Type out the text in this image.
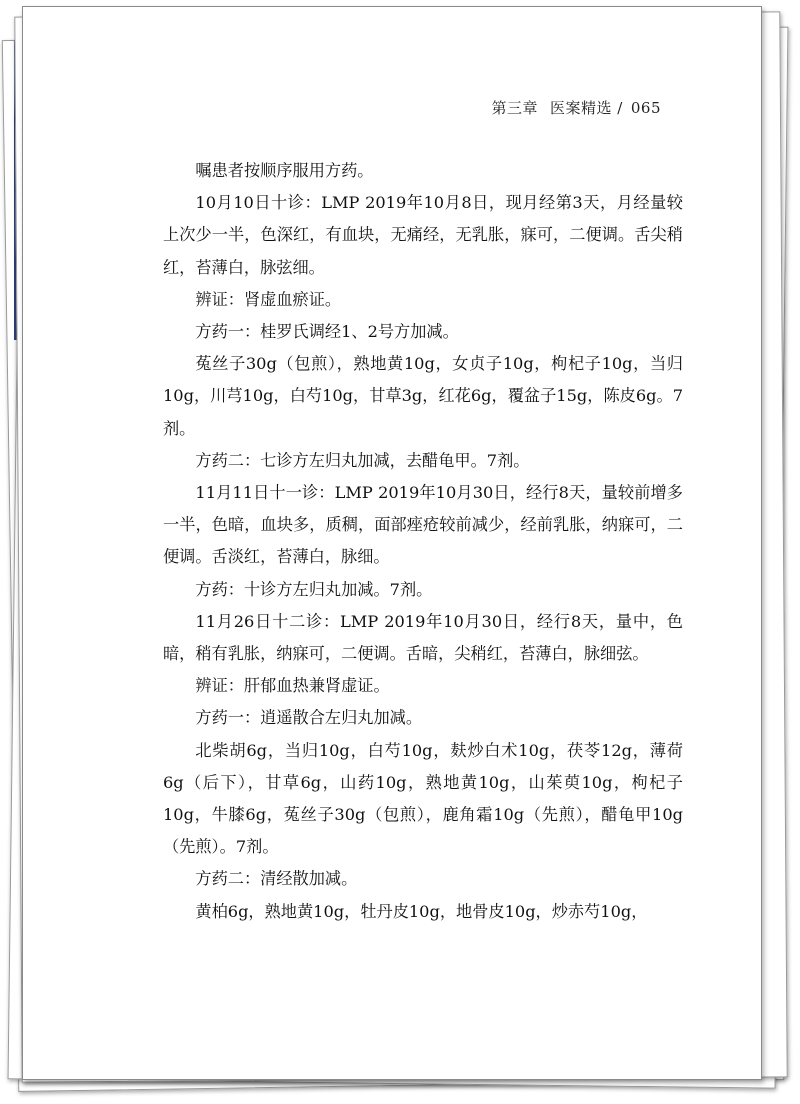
第三章 医案精选 / 065

嘱患者按顺序服用方药。

10月10日十诊：LMP 2019年10月8日，现月经第3天，月经量较上次少一半，色深红，有血块，无痛经，无乳胀，寐可，二便调。舌尖稍红，苔薄白，脉弦细。

辨证：肾虚血瘀证。

方药一：桂罗氏调经1、2号方加减。

菟丝子30g（包煎），熟地黄10g，女贞子10g，枸杞子10g，当归10g，川芎10g，白芍10g，甘草3g，红花6g，覆盆子15g，陈皮6g。7剂。

方药二：七诊方左归丸加减，去醋龟甲。7剂。

11月11日十一诊：LMP 2019年10月30日，经行8天，量较前增多一半，色暗，血块多，质稠，面部痤疮较前减少，经前乳胀，纳寐可，二便调。舌淡红，苔薄白，脉细。

方药：十诊方左归丸加减。7剂。

11月26日十二诊：LMP 2019年10月30日，经行8天，量中，色暗，稍有乳胀，纳寐可，二便调。舌暗，尖稍红，苔薄白，脉细弦。

辨证：肝郁血热兼肾虚证。

方药一：逍遥散合左归丸加减。

北柴胡6g，当归10g，白芍10g，麸炒白术10g，茯苓12g，薄荷6g（后下），甘草6g，山药10g，熟地黄10g，山茱萸10g，枸杞子10g，牛膝6g，菟丝子30g（包煎），鹿角霜10g（先煎），醋龟甲10g（先煎）。7剂。

方药二：清经散加减。

黄柏6g，熟地黄10g，牡丹皮10g，地骨皮10g，炒赤芍10g，
